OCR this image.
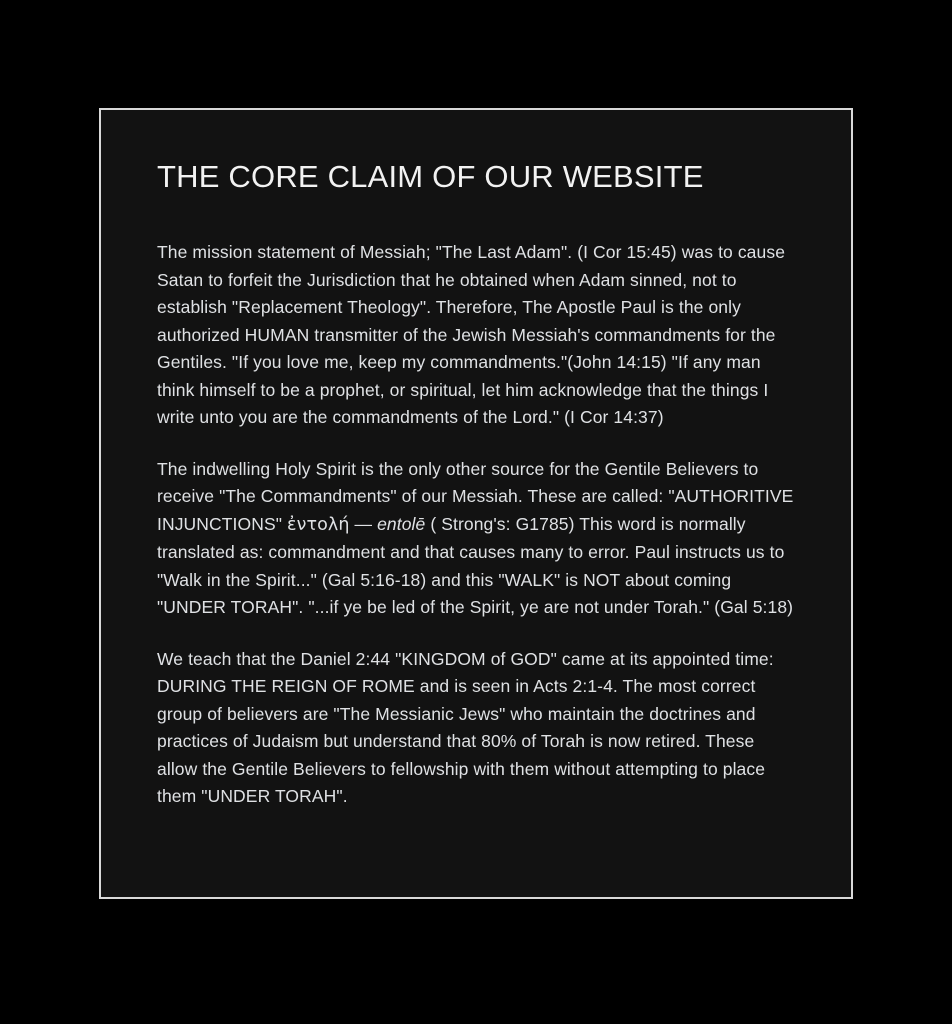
THE CORE CLAIM OF OUR WEBSITE

The mission statement of Messiah; "The Last Adam". (I Cor 15:45) was to cause Satan to forfeit the Jurisdiction that he obtained when Adam sinned, not to establish "Replacement Theology". Therefore, The Apostle Paul is the only authorized HUMAN transmitter of the Jewish Messiah's commandments for the Gentiles. "If you love me, keep my commandments."(John 14:15) "If any man think himself to be a prophet, or spiritual, let him acknowledge that the things I write unto you are the commandments of the Lord." (I Cor 14:37)

The indwelling Holy Spirit is the only other source for the Gentile Believers to receive "The Commandments" of our Messiah. These are called: "AUTHORITIVE INJUNCTIONS" ἐντολή — entolē ( Strong's: G1785) This word is normally translated as: commandment and that causes many to error. Paul instructs us to "Walk in the Spirit..." (Gal 5:16-18) and this "WALK" is NOT about coming "UNDER TORAH". "...if ye be led of the Spirit, ye are not under Torah." (Gal 5:18)

We teach that the Daniel 2:44 "KINGDOM of GOD" came at its appointed time: DURING THE REIGN OF ROME and is seen in Acts 2:1-4. The most correct group of believers are "The Messianic Jews" who maintain the doctrines and practices of Judaism but understand that 80% of Torah is now retired. These allow the Gentile Believers to fellowship with them without attempting to place them "UNDER TORAH".
